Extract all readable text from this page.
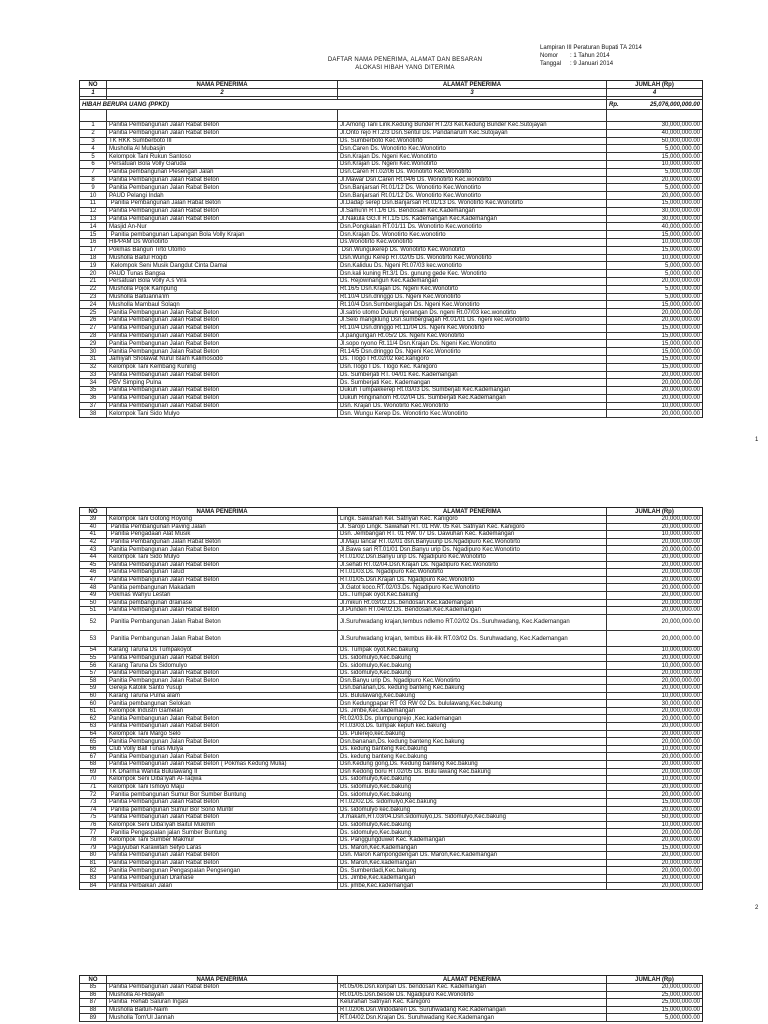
Lampiran III Peraturan Bupati TA 2014
Nomor : 1 Tahun 2014
Tanggal : 9 Januari 2014
DAFTAR NAMA PENERIMA, ALAMAT DAN BESARAN
ALOKASI HIBAH YANG DITERIMA
NO	NAMA PENERIMA	ALAMAT PENERIMA	JUMLAH (Rp)
1	2	3	4
HIBAH BERUPA UANG (PPKD)	Rp.	25,076,000,000.00
1	Panitia Pembangunan Jalan Rabat Beton	Jl.Among Tani Link.Kedung Bunder RT.2/3 Kel.Kedung Bunder Kec.Sutojayan	30,000,000.00
2	Panitia Pembangunan Jalan Rabat Beton	Jl.Onto rejo RT.2/3 Dsn.Sentul Ds. Pandanarum Kec.Sutojayan	40,000,000.00
3	TK RKK Sumberboto III	Ds. Sumberboto Kec.Wonotirto	50,000,000.00
4	Musholla Al Mubasjin	Dsn.Caren Ds. Wonotirto Kec.Wonotirto	5,000,000.00
5	Kelompok Tani Rukun Santoso	Dsn.Krajan Ds. Ngeni Kec.Wonotirto	15,000,000.00
6	Persatuan Bola Volly Garuda	Dsn.Krajan Ds. Ngeni Kec.Wonotirto	10,000,000.00
7	Panitia pembangunan Plesengan Jalan	Dsn.Caren RT.02/06 Ds. Wonotirto Kec.Wonotirto	5,000,000.00
8	Panitia Pembangunan Jalan Rabat Beton	Jl.Mawar Dsn.Caren Rt.04/6 Ds. Wonotirto Kec.wonotirto	20,000,000.00
9	Panitia Pembangunan Jalan Rabat Beton	Dsn.Banjarsari Rt.01/12 Ds. Wonotirto Kec.Wonotirto	5,000,000.00
10	PAUD Pelangi Indah	Dsn.Banjarsari Rt.01/12 Ds. Wonotirto Kec.Wonotirto	20,000,000.00
11	Panitia Pembangunan Jalan Rabat Beton	Jl.Dadap serep Dsn.Banjarsari Rt.01/13 Ds. Wonotirto Kec.Wonotirto	15,000,000.00
12	Panitia Pembangunan Jalan Rabat Beton	Jl.Samu'in RT.1/6 Ds. Bendosari Kec.Kademangan	30,000,000.00
13	Panitia Pembangunan Jalan Rabat Beton	Jl.Nakula GG.II RT.1/5 Ds. Kademangan Kec.Kademangan	30,000,000.00
14	Masjid An-Nur	Dsn.Pongkalan RT.01/11 Ds. Wonotirto Kec.wonotirto	40,000,000.00
15	Panitia pembangunan Lapangan Bola Volly Krajan	Dsn.Krajan Ds. Wonotirto Kec.wonotirto	15,000,000.00
16	HIPPAM Ds Wonotirto	Ds.Wonotirto Kec.wonotirto	10,000,000.00
17	Pokmas Bangun Tirto Utomo	Dsn.Wungukerep Ds. Wonotirto Kec.Wonotirto	15,000,000.00
18	Musholla Baitul Roqib	Dsn.Wungu Kerep RT.02/05 Ds. Wonotirto Kec.Wonotirto	10,000,000.00
19	Kelompok Seni Musik Dangdut Cinta Damai	Dsn.Kaliduu Ds. Ngeni Rt.07/03 kec.wonotirto	5,000,000.00
20	PAUD Tunas Bangsa	Dsn.kali kuning Rt.3/1 Ds. gunung gede Kec. Wonotirto	5,000,000.00
21	Persatuan Bola Volly A.s Vira	Ds. Rejowinangun Kec.Kademangan	20,000,000.00
22	Musholla Pojok Kampung	Rt.16/5 Dsn.Krajan Ds. Ngeni Kec.Wonotirto	5,000,000.00
23	Musholla Baituanna'im	Rt.10/4 Dsn.dringgo Ds. Ngeni Kec.Wonotirto	5,000,000.00
24	Musholla Mambaul Solaqn	Rt.10/4 Dsn.Sumberglagah Ds. Ngeni Kec.Wonotirto	15,000,000.00
25	Panitia Pembangunan Jalan Rabat Beton	Jl.satrio utomo Dukuh njonangan Ds. ngeni Rt.07/03 kec.wonotirto	20,000,000.00
26	Panitia Pembangunan Jalan Rabat Beton	Jl.Selo mangklung Dsn.sumberglagah Rt.01/01 Ds. ngeni kec.wonotirto	20,000,000.00
27	Panitia Pembangunan Jalan Rabat Beton	Rt.10/4 Dsn.dringgo Rt.11/04 Ds. Ngeni Kec.Wonotirto	15,000,000.00
28	Panitia Pembangunan Jalan Rabat Beton	Jl.pangurigan Rt.05/2 Ds. Ngeni Kec.Wonotirto	15,000,000.00
29	Panitia Pembangunan Jalan Rabat Beton	Jl.sopo nyono Rt.11/4 Dsn.Krajan Ds. Ngeni Kec.Wonotirto	15,000,000.00
30	Panitia Pembangunan Jalan Rabat Beton	Rt.14/5 Dsn.dringgo Ds. Ngeni Kec.Wonotirto	15,000,000.00
31	Jamiyah Sholawat Nurul Islam Kalimosodo	Ds. Tlogo I Rt.02/02 kec.kanigoro	15,000,000.00
32	Kelompok Tani Kembang Kuning	Dsn.Tlogo I Ds. Tlogo Kec. Kanigoro	15,000,000.00
33	Panitia Pembangunan Jalan Rabat Beton	Ds. Sumberjati RT. 04/01 Kec. Kademangan	20,000,000.00
34	PBV Simping Pulna	Ds. Sumberjati Kec. Kademangan	20,000,000.00
35	Panitia Pembangunan Jalan Rabat Beton	Dukuh Tumpakkerep Rt.03/03 Ds. Sumberjati Kec.Kademangan	20,000,000.00
36	Panitia Pembangunan Jalan Rabat Beton	Dukuh Ringinanom Rt.02/04 Ds. Sumberjati Kec.Kademangan	20,000,000.00
37	Panitia Pembangunan Jalan Rabat Beton	Dsn. Krajan Ds. Wonotirto Kec.Wonotirto	10,000,000.00
38	Kelompok Tani Sido Mulyo	Dsn. Wungu Kerep Ds. Wonotirto Kec.Wonotirto	20,000,000.00
1
NO	NAMA PENERIMA	ALAMAT PENERIMA	JUMLAH (Rp)
39	Kelompok Tani Gotong Royong	Lingk. Sawahan Kel. Satriyan Kec. Kanigoro	20,000,000.00
40	Panitia Pembangunan Paving Jalan	Jl. Sarojo Lingk. Sawahan RT. 01 RW. 05 Kel. Satriyan Kec. Kanigoro	20,000,000.00
41	Panitia Pengadaan Alat Musik	Dsn. Jembangan RT. 01 RW. 07 Ds. Dawuhan Kec. Kademangan	10,000,000.00
42	Panitia Pembangunan Jalan Rabat Beton	Jl.Maju lancar RT.02/01 dsn.Banyuurip Ds.Ngadipuro Kec.Wonotirto	20,000,000.00
43	Panitia Pembangunan Jalan Rabat Beton	Jl.Bawa sari RT.01/01 Dsn.Banyu urip Ds. Ngadipuro Kec.Wonotirto	20,000,000.00
44	Kelompok Tani Sido Mulyo	RT.01/02.Dsn.Banyu urip Ds. Ngadipuro Kec.Wonotirto	20,000,000.00
45	Panitia Pembangunan Jalan Rabat Beton	Jl.sehati RT.02/04.Dsn.Krajan Ds. Ngadipuro Kec.Wonotirto	20,000,000.00
46	Panitia Pembangunan Talud	RT.01/03.Ds. Ngadipuro Kec.Wonotirto	20,000,000.00
47	Panitia Pembangunan Jalan Rabat Beton	RT.01/05.Dsn.Krajan Ds. Ngadipuro Kec.Wonotirto	20,000,000.00
48	Panitia pembangunan Makadam	Jl.Gatot koco.RT.02/03.Ds. Ngadipuro Kec.Wonotirto	20,000,000.00
49	Pokmas Wahyu Lestari	Ds..Tumpak oyot.Kec.bakung	20,000,000.00
50	Panitia pembangunan drainase	Jl.mikun Rt.03/02.Ds..bendosari.Kec.kademangan	20,000,000.00
51	Panitia Pembangunan Jalan Rabat Beton	Jl.Punden RT.04/02.Ds. Bendosari.Kec.Kademangan	20,000,000.00
52	Panitia Pembangunan Jalan Rabat Beton	Jl.Suruhwadang krajan,tembus ndlemo RT.02/02 Ds..Suruhwadang, Kec.Kademangan	20,000,000.00
53	Panitia Pembangunan Jalan Rabat Beton	Jl.Suruhwadang krajan, tembus ilik-ilik RT.03/02 Ds. Suruhwadang, Kec.Kademangan	20,000,000.00
54	Karang Taruna Ds Tumpakoyot	Ds. Tumpak oyot.Kec.bakung	10,000,000.00
55	Panitia Pembangunan Jalan Rabat Beton	Ds. sidomulyo,Kec.bakung	20,000,000.00
56	Karang Taruna Ds Sidomulyo	Ds. sidomulyo,Kec.bakung	10,000,000.00
57	Panitia Pembangunan Jalan Rabat Beton	Ds. sidomulyo,Kec.bakung	20,000,000.00
58	Panitia Pembangunan Jalan Rabat Beton	Dsn.Banyu urip Ds. Ngadipuro Kec.Wonotirto	20,000,000.00
59	Gereja Katolik Santo Yusup	Dsn.bananan,Ds. kedung banteng Kec.bakung	20,000,000.00
60	Karang Taruna Pulna alam	Ds. Bululawang,Kec.bakung	10,000,000.00
60	Panitia pembangunan Selokan	Dsn Kedungpapar RT 03 RW 02 Ds. bululawang,Kec.bakung	30,000,000.00
61	Kelompok Industri Gamelan	Ds. Jimbe,Kec.kademangan	20,000,000.00
62	Panitia Pembangunan Jalan Rabat Beton	Rt.02/03.Ds. plumpungrejo ,Kec.kademangan	20,000,000.00
63	Panitia Pembangunan Jalan Rabat Beton	RT.03/03.Ds. tumpak kepuh kec.bakung	20,000,000.00
64	Kelompok Tani Margo Selo	Ds. Pulerejo,kec.bakung	20,000,000.00
65	Panitia Pembangunan Jalan Rabat Beton	Dsn.bananan,Ds. kedung banteng Kec.bakung	20,000,000.00
66	Club Volly Ball Tunas Mulya	Ds. kedung banteng Kec.bakung	10,000,000.00
67	Panitia Pembangunan Jalan Rabat Beton	Ds. kedung banteng Kec.bakung	20,000,000.00
68	Panitia Pembangunan Jalan Rabat Beton ( Pokmas Kedung Mulia)	Dsn.Kedung gong,Ds. Kedung banteng Kec.bakung	20,000,000.00
69	TK Dharma Wanita Bululawang II	Dsn Kedong boru RT.02/05 Ds. Bulu lawang Kec.bakung	20,000,000.00
70	Kelompok Seni Diba'iyah Al-Taqwa	Ds. sidomulyo,Kec.bakung	10,000,000.00
71	Kelompok Tani Ismoyo Maju	Ds. sidomulyo,Kec.bakung	20,000,000.00
72	Panitia pembangunan Sumur Bor Sumber Buntung	Ds. sidomulyo,Kec.bakung	20,000,000.00
73	Panitia Pembangunan Jalan Rabat Beton	RT.02/02.Ds. sidomulyo,Kec.bakung	15,000,000.00
74	Panitia pembangunan Sumur Bor Sono Muntir	Ds. sidomulyo kec.bakung	20,000,000.00
75	Panitia Pembangunan Jalan Rabat Beton	Jl.makam,RT.03/04.Dsn.sidomulyo,Ds. Sidomulyo,Kec.bakung	50,000,000.00
76	Kelompok Seni Diba'iyah Baitul Mukmin	Ds. sidomulyo,Kec.bakung	10,000,000.00
77	Panitia Pengaspalan jalan Sumber Buntung	Ds. sidomulyo,Kec.bakung	20,000,000.00
78	Kelompok Tani Sumber Makmur	Ds. Panggungduwet Kec. Kademangan	20,000,000.00
79	Paguyuban Karawitan Setyo Laras	Ds. Maron,Kec.Kademangan	15,000,000.00
80	Panitia Pembangunan Jalan Rabat Beton	Dsn. Maron Kampongdengan Ds. Maron,Kec.Kademangan	20,000,000.00
81	Panitia Pembangunan Jalan Rabat Beton	Ds. Maron,Kec.kademangan	20,000,000.00
82	Panitia Pembangunan Pengaspalan Pengsengan	Ds. Sumberdadi,Kec.bakung	20,000,000.00
83	Panitia Pembangunan Drainase	Ds. Jimbe,Kec.kademangan	20,000,000.00
84	Panitia Perbaikan Jalan	Ds. jimbe,Kec.kademangan	20,000,000.00
2
NO	NAMA PENERIMA	ALAMAT PENERIMA	JUMLAH (Rp)
85	Panitia Pembangunan Jalan Rabat Beton	Rt.05/06.Dsn.koripan Ds. bendosari Kec. Kademangan	20,000,000.00
86	Musholla Al-Hidayah	Rt.01/05.Dsn.besole Ds. Ngadipuro Kec.Wonotirto	25,000,000.00
87	Panitia  Rehab Saluran Irigasi	Kelurahan Satriyan Kec. Kanigoro	25,000,000.00
88	Musholla Baitun-Naim	RT.02/06.Dsn.Widodaren Ds. Suruhwadang Kec.Kademangan	15,000,000.00
89	Musholla Tom'Ul Jannah	RT.04/02.Dsn.Krajan Ds. Suruhwadang Kec.Kademangan	5,000,000.00
